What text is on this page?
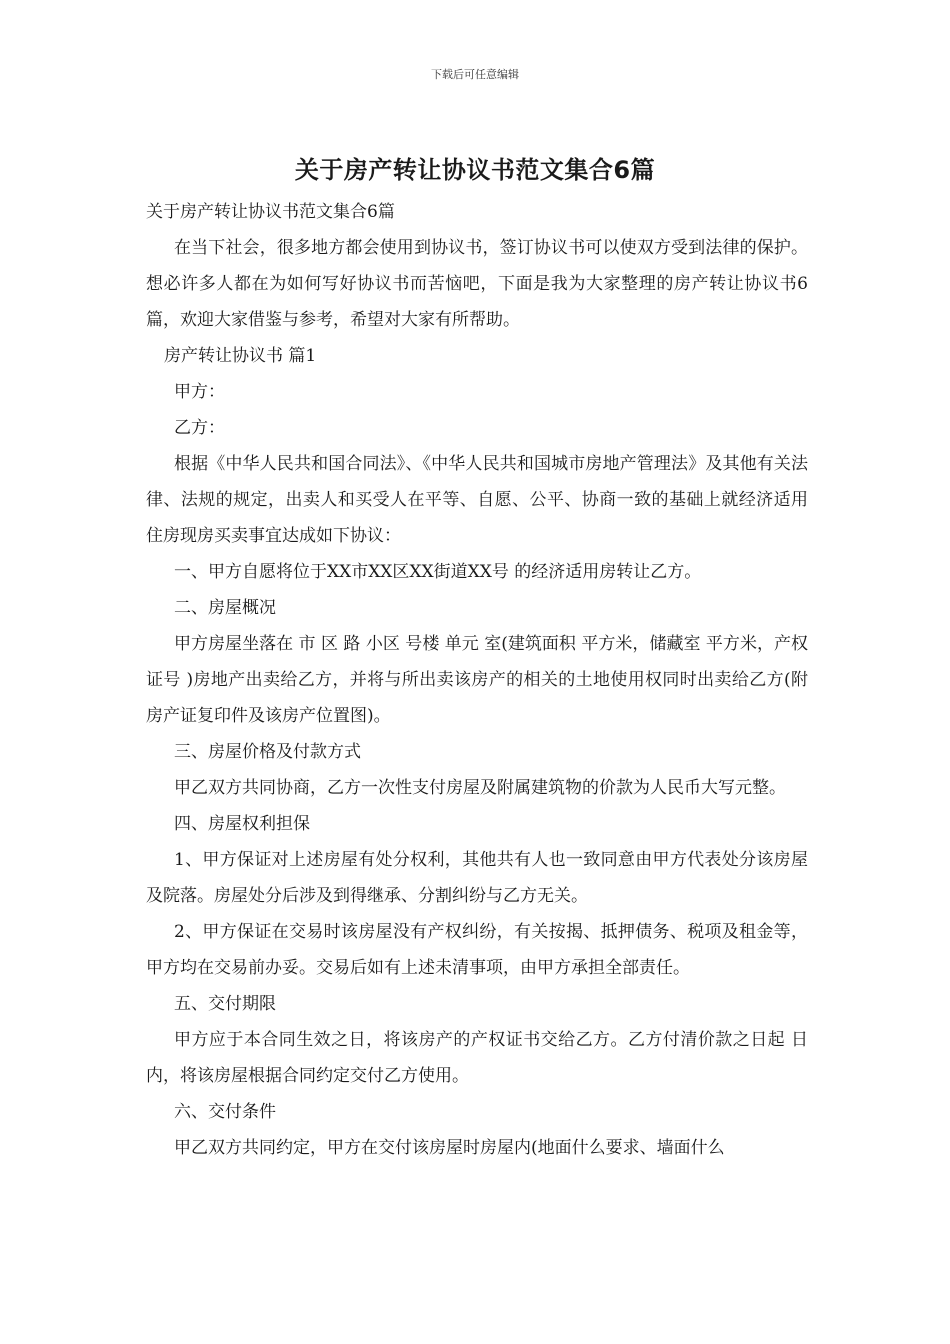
下载后可任意编辑
关于房产转让协议书范文集合6篇

关于房产转让协议书范文集合6篇

在当下社会，很多地方都会使用到协议书，签订协议书可以使双方受到法律的保护。想必许多人都在为如何写好协议书而苦恼吧，下面是我为大家整理的房产转让协议书6篇，欢迎大家借鉴与参考，希望对大家有所帮助。

房产转让协议书 篇1

甲方：

乙方：

根据《中华人民共和国合同法》、《中华人民共和国城市房地产管理法》及其他有关法律、法规的规定，出卖人和买受人在平等、自愿、公平、协商一致的基础上就经济适用住房现房买卖事宜达成如下协议：

一、甲方自愿将位于XX市XX区XX街道XX号 的经济适用房转让乙方。

二、房屋概况

甲方房屋坐落在 市 区 路 小区 号楼 单元 室(建筑面积 平方米，储藏室 平方米，产权证号 )房地产出卖给乙方，并将与所出卖该房产的相关的土地使用权同时出卖给乙方(附房产证复印件及该房产位置图)。

三、房屋价格及付款方式

甲乙双方共同协商，乙方一次性支付房屋及附属建筑物的价款为人民币大写元整。

四、房屋权利担保

1、甲方保证对上述房屋有处分权利，其他共有人也一致同意由甲方代表处分该房屋及院落。房屋处分后涉及到得继承、分割纠纷与乙方无关。

2、甲方保证在交易时该房屋没有产权纠纷，有关按揭、抵押债务、税项及租金等，甲方均在交易前办妥。交易后如有上述未清事项，由甲方承担全部责任。

五、交付期限

甲方应于本合同生效之日，将该房产的产权证书交给乙方。乙方付清价款之日起 日内，将该房屋根据合同约定交付乙方使用。

六、交付条件

甲乙双方共同约定，甲方在交付该房屋时房屋内(地面什么要求、墙面什么
